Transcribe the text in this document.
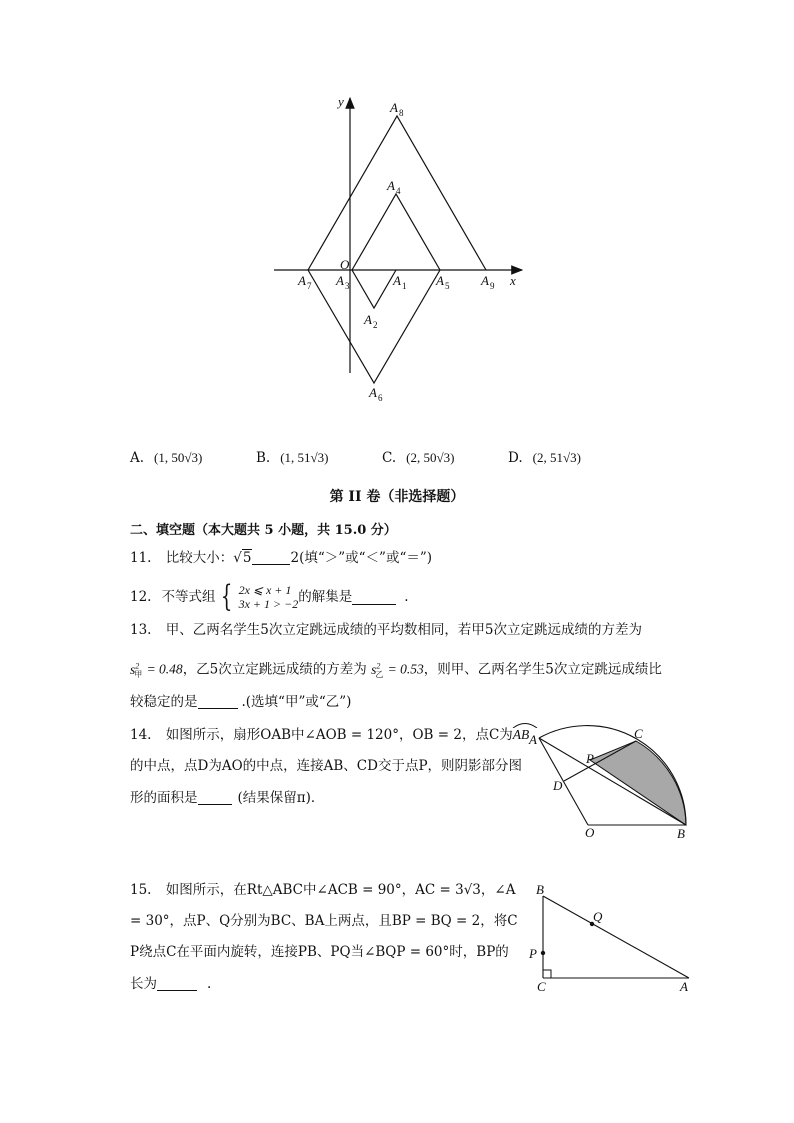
y
x
O
A 8
A 4
A 7 A 3	A 1 A 5 A 9
A 2
A 6
A. (1, 50√3)	B. (1, 51√3)	C. (2, 50√3)	D. (2, 51√3)
第 II 卷（非选择题）
二、填空题（本大题共 5 小题，共 15.0 分）
11. 比较大小：√5	2(填“＞”或“＜”或“＝”)
12. 不等式组 { 2x ⩽ x + 1
3x + 1 > −2 的解集是	.
13. 甲、乙两名学生5次立定跳远成绩的平均数相同，若甲5次立定跳远成绩的方差为
$s^2_甲 = 0.48$，乙5次立定跳远成绩的方差为 $s^2_乙 = 0.53$，则甲、乙两名学生5次立定跳远成绩比
较稳定的是	.(选填“甲”或“乙”)
14. 如图所示，扇形OAB中∠AOB = 120°，OB = 2，点C为
AB
的中点，点D为AO的中点，连接AB、CD交于点P，则阴影部分图
形的面积是	(结果保留π)．
A	C
P
D
O	B
15. 如图所示，在Rt△ABC中∠ACB = 90°，AC = 3√3，∠A
= 30°，点P、Q分别为BC、BA上两点，且BP = BQ = 2，将C
P绕点C在平面内旋转，连接PB、PQ当∠BQP = 60°时，BP的
长为	.
B
Q
P
C	A
